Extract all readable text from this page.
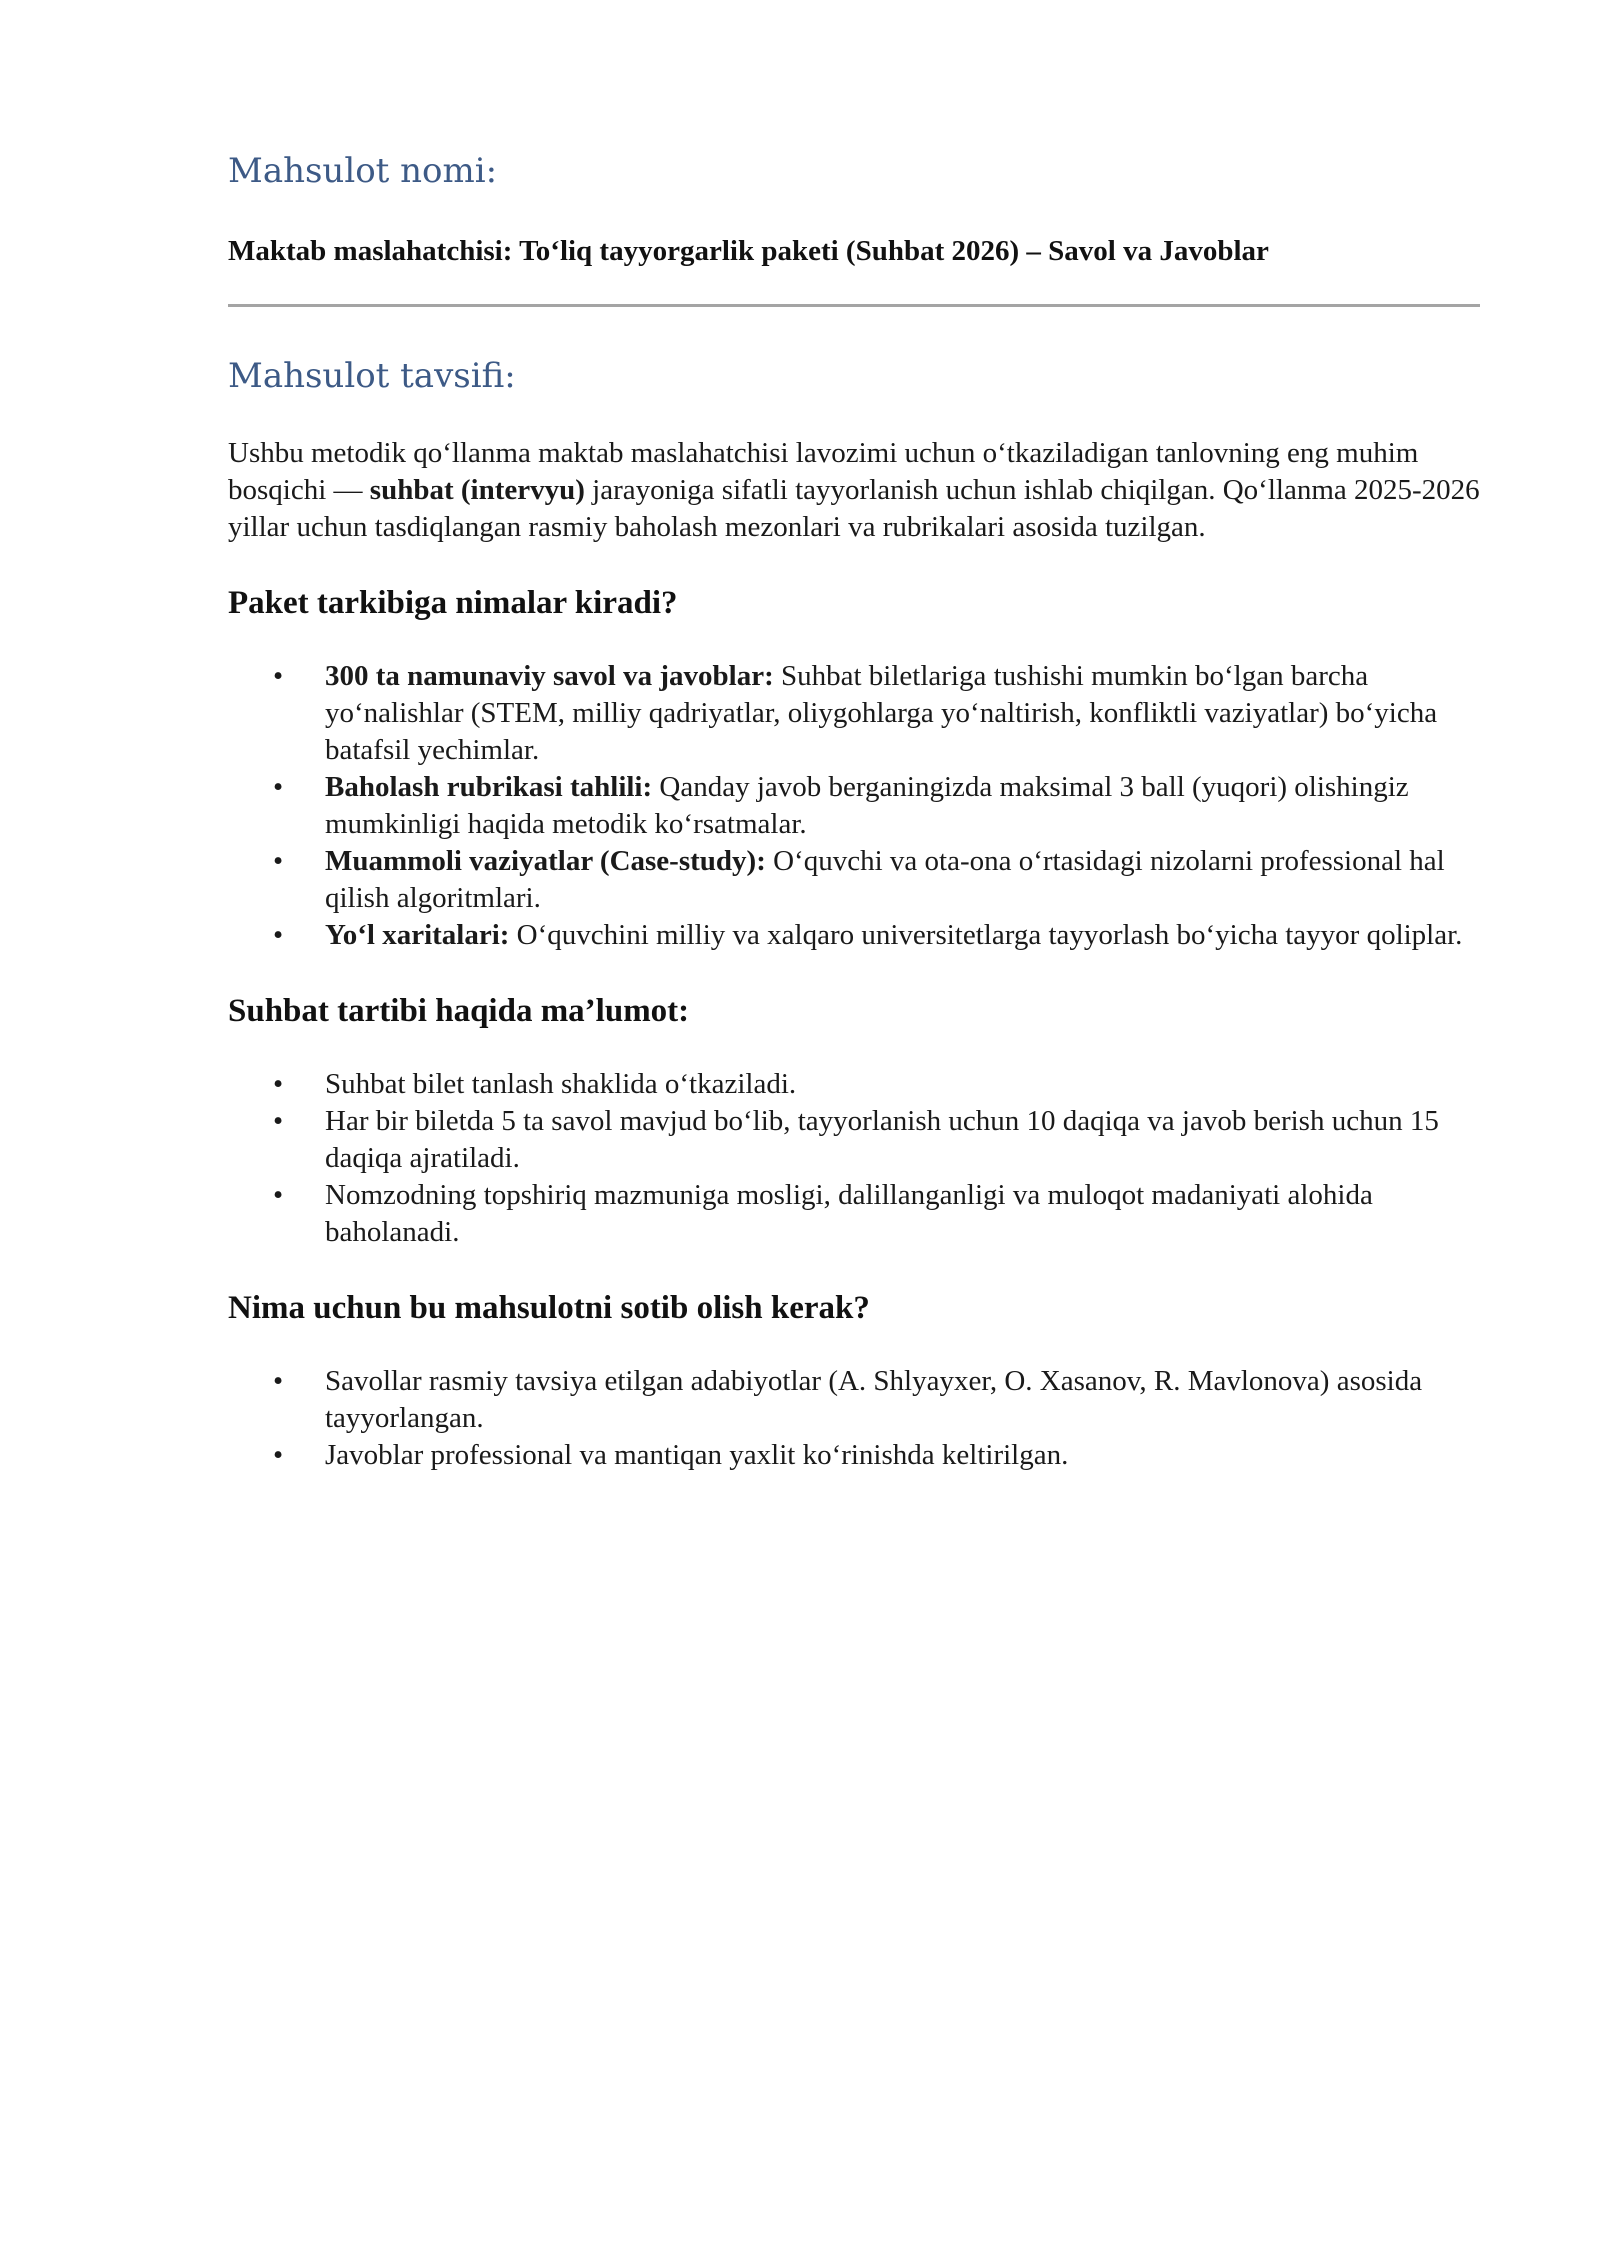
Mahsulot nomi:

Maktab maslahatchisi: To‘liq tayyorgarlik paketi (Suhbat 2026) – Savol va Javoblar

Mahsulot tavsifi:

Ushbu metodik qo‘llanma maktab maslahatchisi lavozimi uchun o‘tkaziladigan tanlovning eng muhim bosqichi — suhbat (intervyu) jarayoniga sifatli tayyorlanish uchun ishlab chiqilgan. Qo‘llanma 2025-2026 yillar uchun tasdiqlangan rasmiy baholash mezonlari va rubrikalari asosida tuzilgan.

Paket tarkibiga nimalar kiradi?
• 300 ta namunaviy savol va javoblar: Suhbat biletlariga tushishi mumkin bo‘lgan barcha yo‘nalishlar (STEM, milliy qadriyatlar, oliygohlarga yo‘naltirish, konfliktli vaziyatlar) bo‘yicha batafsil yechimlar.
• Baholash rubrikasi tahlili: Qanday javob berganingizda maksimal 3 ball (yuqori) olishingiz mumkinligi haqida metodik ko‘rsatmalar.
• Muammoli vaziyatlar (Case-study): O‘quvchi va ota-ona o‘rtasidagi nizolarni professional hal qilish algoritmlari.
• Yo‘l xaritalari: O‘quvchini milliy va xalqaro universitetlarga tayyorlash bo‘yicha tayyor qoliplar.
Suhbat tartibi haqida ma’lumot:
• Suhbat bilet tanlash shaklida o‘tkaziladi.
• Har bir biletda 5 ta savol mavjud bo‘lib, tayyorlanish uchun 10 daqiqa va javob berish uchun 15 daqiqa ajratiladi.
• Nomzodning topshiriq mazmuniga mosligi, dalillanganligi va muloqot madaniyati alohida baholanadi.
Nima uchun bu mahsulotni sotib olish kerak?
• Savollar rasmiy tavsiya etilgan adabiyotlar (A. Shlyayxer, O. Xasanov, R. Mavlonova) asosida tayyorlangan.
• Javoblar professional va mantiqan yaxlit ko‘rinishda keltirilgan.
